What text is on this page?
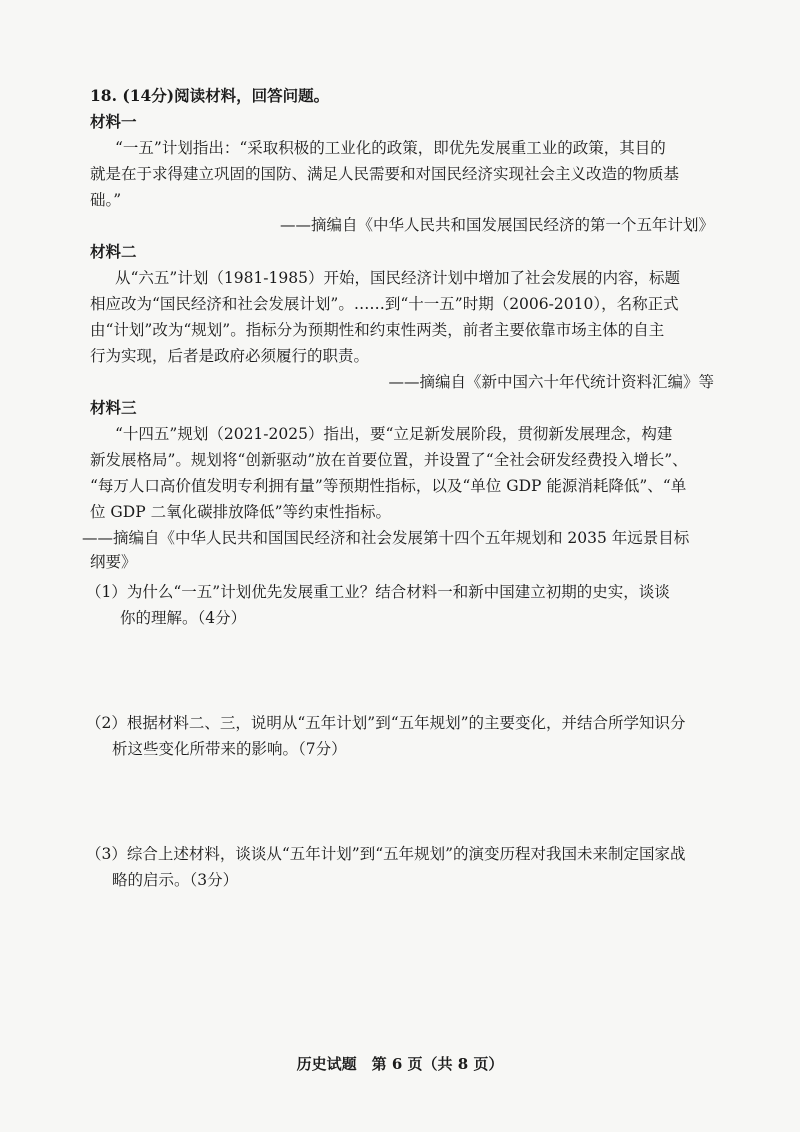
18. (14分)阅读材料，回答问题。
材料一
“一五”计划指出：“采取积极的工业化的政策，即优先发展重工业的政策，其目的
就是在于求得建立巩固的国防、满足人民需要和对国民经济实现社会主义改造的物质基
础。”
——摘编自《中华人民共和国发展国民经济的第一个五年计划》
材料二
从“六五”计划（1981-1985）开始，国民经济计划中增加了社会发展的内容，标题
相应改为“国民经济和社会发展计划”。……到“十一五”时期（2006-2010），名称正式
由“计划”改为“规划”。指标分为预期性和约束性两类，前者主要依靠市场主体的自主
行为实现，后者是政府必须履行的职责。
——摘编自《新中国六十年代统计资料汇编》等
材料三
“十四五”规划（2021-2025）指出，要“立足新发展阶段，贯彻新发展理念，构建
新发展格局”。规划将“创新驱动”放在首要位置，并设置了“全社会研发经费投入增长”、
“每万人口高价值发明专利拥有量”等预期性指标，以及“单位 GDP 能源消耗降低”、“单
位 GDP 二氧化碳排放降低”等约束性指标。
——摘编自《中华人民共和国国民经济和社会发展第十四个五年规划和 2035 年远景目标
纲要》
（1）为什么“一五”计划优先发展重工业？结合材料一和新中国建立初期的史实，谈谈
你的理解。（4分）
（2）根据材料二、三，说明从“五年计划”到“五年规划”的主要变化，并结合所学知识分
析这些变化所带来的影响。（7分）
（3）综合上述材料，谈谈从“五年计划”到“五年规划”的演变历程对我国未来制定国家战
略的启示。（3分）
历史试题　第 6 页（共 8 页）
